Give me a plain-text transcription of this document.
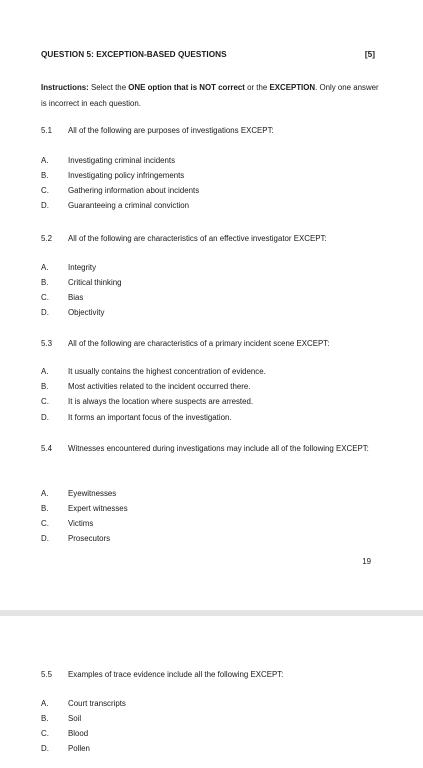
QUESTION 5: EXCEPTION-BASED QUESTIONS	[5]
Instructions: Select the ONE option that is NOT correct or the EXCEPTION. Only one answer is incorrect in each question.
5.1 All of the following are purposes of investigations EXCEPT:
A.	Investigating criminal incidents
B.	Investigating policy infringements
C.	Gathering information about incidents
D.	Guaranteeing a criminal conviction
5.2 All of the following are characteristics of an effective investigator EXCEPT:
A.	Integrity
B.	Critical thinking
C.	Bias
D.	Objectivity
5.3 All of the following are characteristics of a primary incident scene EXCEPT:
A.	It usually contains the highest concentration of evidence.
B.	Most activities related to the incident occurred there.
C.	It is always the location where suspects are arrested.
D.	It forms an important focus of the investigation.
5.4 Witnesses encountered during investigations may include all of the following EXCEPT:
A.	Eyewitnesses
B.	Expert witnesses
C.	Victims
D.	Prosecutors
19
5.5 Examples of trace evidence include all the following EXCEPT:
A.	Court transcripts
B.	Soil
C.	Blood
D.	Pollen
